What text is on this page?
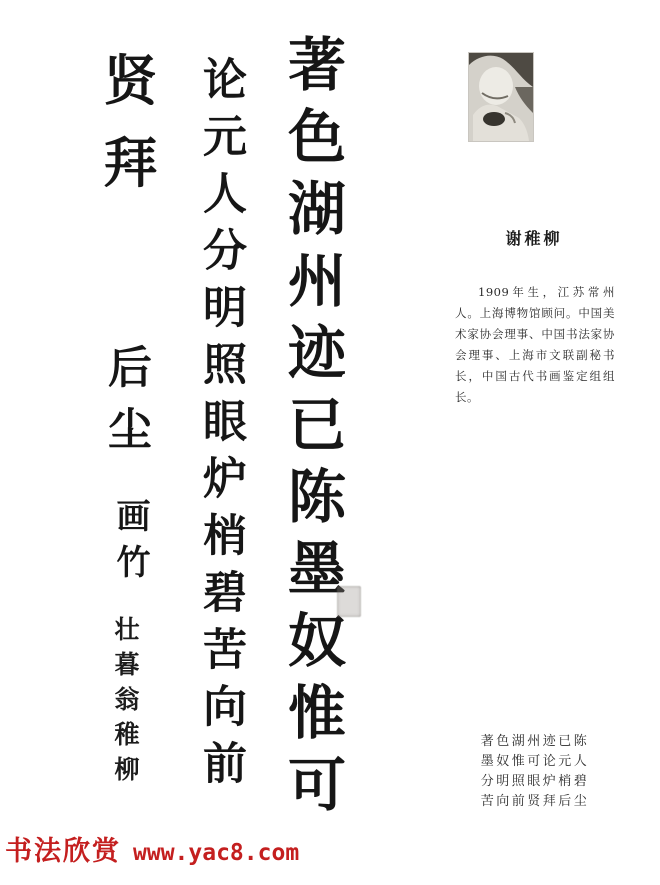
著色湖州迹已陈墨奴惟可
论元人分明照眼炉梢碧苦向前
贤拜
后尘
画竹
壮暮翁稚柳
谢稚柳
1909年生，江苏常州人。上海博物馆顾问。中国美术家协会理事、中国书法家协会理事、上海市文联副秘书长，中国古代书画鉴定组组长。
著色湖州迹已陈
墨奴惟可论元人
分明照眼炉梢碧
苦向前贤拜后尘
书法欣赏 www.yac8.com
